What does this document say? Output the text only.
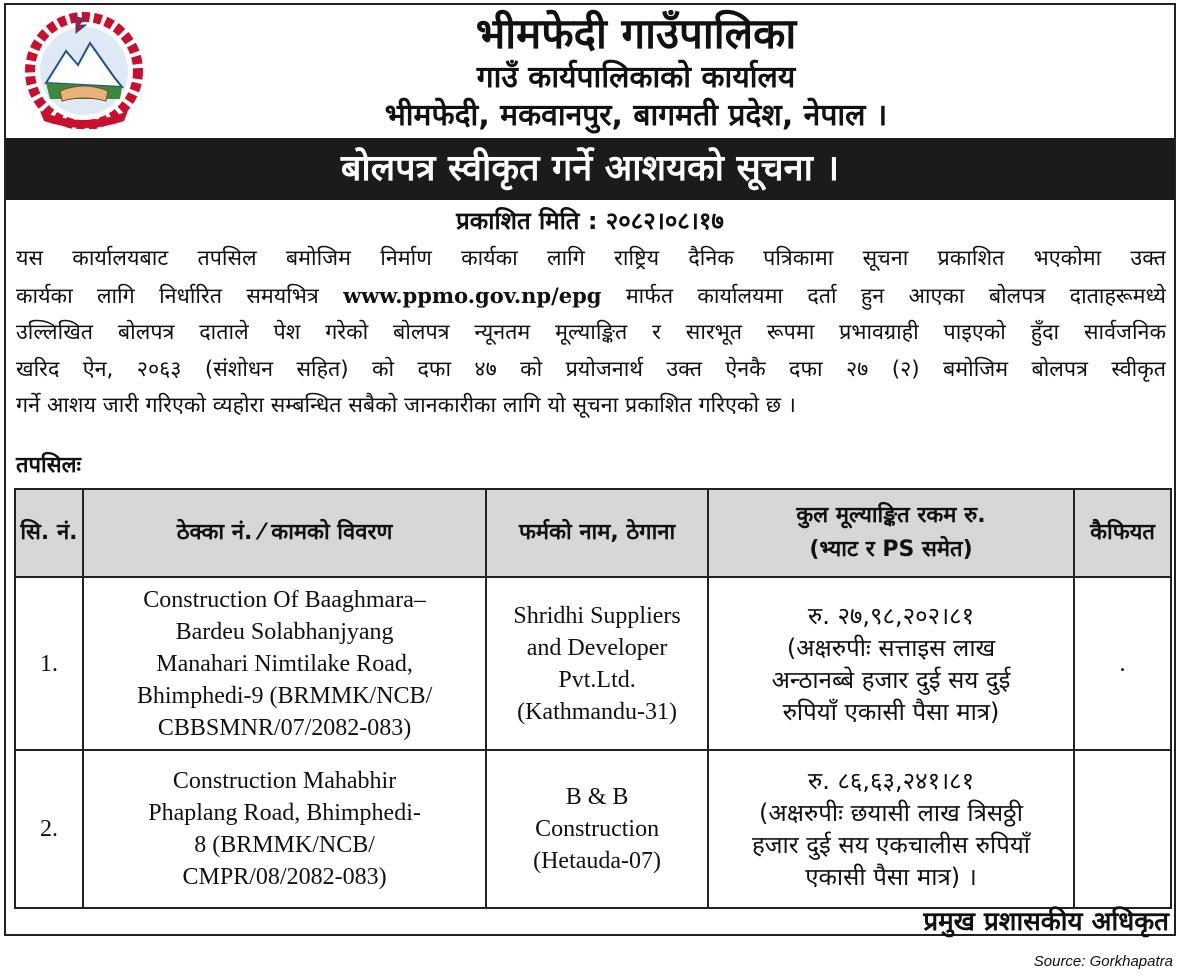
भीमफेदी गाउँपालिका
गाउँ कार्यपालिकाको कार्यालय
भीमफेदी, मकवानपुर, बागमती प्रदेश, नेपाल ।
बोलपत्र स्वीकृत गर्ने आशयको सूचना ।
प्रकाशित मिति : २०८२।०८।१७
यस कार्यालयबाट तपसिल बमोजिम निर्माण कार्यका लागि राष्ट्रिय दैनिक पत्रिकामा सूचना प्रकाशित भएकोमा उक्त
कार्यका लागि निर्धारित समयभित्र www.ppmo.gov.np/epg मार्फत कार्यालयमा दर्ता हुन आएका बोलपत्र दाताहरूमध्ये
उल्लिखित बोलपत्र दाताले पेश गरेको बोलपत्र न्यूनतम मूल्याङ्कित र सारभूत रूपमा प्रभावग्राही पाइएको हुँदा सार्वजनिक
खरिद ऐन, २०६३ (संशोधन सहित) को दफा ४७ को प्रयोजनार्थ उक्त ऐनकै दफा २७ (२) बमोजिम बोलपत्र स्वीकृत
गर्ने आशय जारी गरिएको व्यहोरा सम्बन्धित सबैको जानकारीका लागि यो सूचना प्रकाशित गरिएको छ ।
तपसिलः
सि. नं.	ठेक्का नं. ⁄ कामको विवरण	फर्मको नाम, ठेगाना	कुल मूल्याङ्कित रकम रु.
(भ्याट र PS समेत)	कैफियत
1.	Construction Of Baaghmara–
Bardeu Solabhanjyang
Manahari Nimtilake Road,
Bhimphedi-9 (BRMMK/NCB/
CBBSMNR/07/2082-083)	Shridhi Suppliers
and Developer
Pvt.Ltd.
(Kathmandu-31)	रु. २७,९८,२०२।८१
(अक्षरुपीः सत्ताइस लाख
अन्ठानब्बे हजार दुई सय दुई
रुपियाँ एकासी पैसा मात्र)	.
2.	Construction Mahabhir
Phaplang Road, Bhimphedi-
8 (BRMMK/NCB/
CMPR/08/2082-083)	B & B
Construction
(Hetauda-07)	रु. ८६,६३,२४१।८१
(अक्षरुपीः छयासी लाख त्रिसठ्ठी
हजार दुई सय एकचालीस रुपियाँ
एकासी पैसा मात्र) ।	

प्रमुख प्रशासकीय अधिकृत
Source: Gorkhapatra
